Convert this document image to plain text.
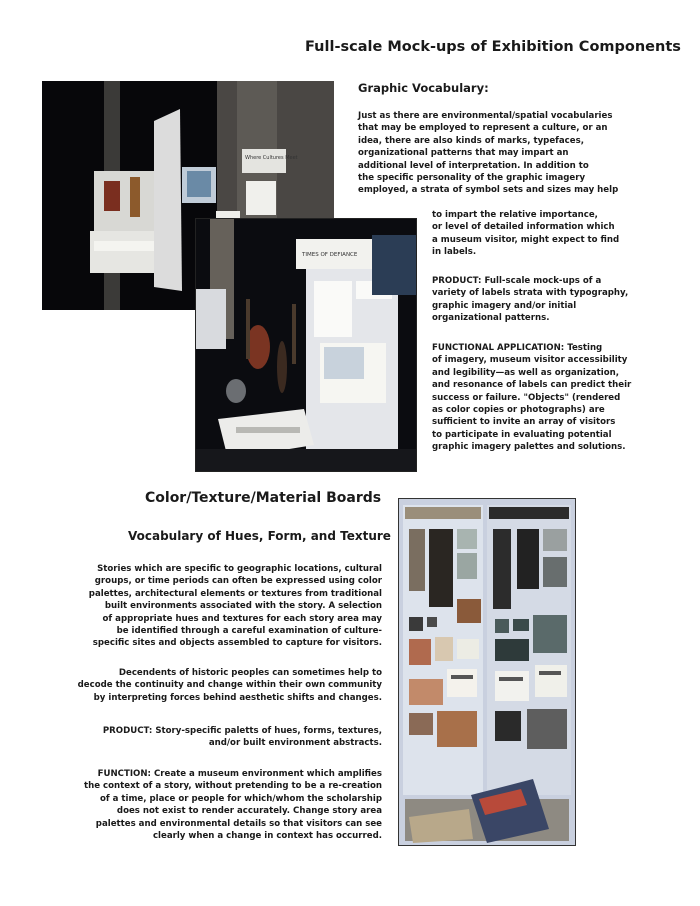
Full-scale Mock-ups of Exhibition Components
Where Cultures Meet
TIMES OF DEFIANCE
Graphic Vocabulary:

Just as there are environmental/spatial vocabularies
that may be employed to represent a culture, or an
idea, there are also kinds of marks, typefaces,
organizational patterns that may impart an
additional level of interpretation. In addition to
the specific personality of the graphic imagery
employed, a strata of symbol sets and sizes may help

to impart the relative importance,
or level of detailed information which
a museum visitor, might expect to find
in labels.

PRODUCT: Full-scale mock-ups of a
variety of labels strata with typography,
graphic imagery and/or initial
organizational patterns.

FUNCTIONAL APPLICATION: Testing
of imagery, museum visitor accessibility
and legibility—as well as organization,
and resonance of labels can predict their
success or failure. "Objects" (rendered
as color copies or photographs) are
sufficient to invite an array of visitors
to participate in evaluating potential
graphic imagery palettes and solutions.

Color/Texture/Material Boards
Vocabulary of Hues, Form, and Texture

Stories which are specific to geographic locations, cultural
groups, or time periods can often be expressed using color
palettes, architectural elements or textures from traditional
built environments associated with the story. A selection
of appropriate hues and textures for each story area may
be identified through a careful examination of culture-
specific sites and objects assembled to capture for visitors.

Decendents of historic peoples can sometimes help to
decode the continuity and change within their own community
by interpreting forces behind aesthetic shifts and changes.

PRODUCT: Story-specific paletts of hues, forms, textures,
and/or built environment abstracts.

FUNCTION: Create a museum environment which amplifies
the context of a story, without pretending to be a re-creation
of a time, place or people for which/whom the scholarship
does not exist to render accurately. Change story area
palettes and environmental details so that visitors can see
clearly when a change in context has occurred.
